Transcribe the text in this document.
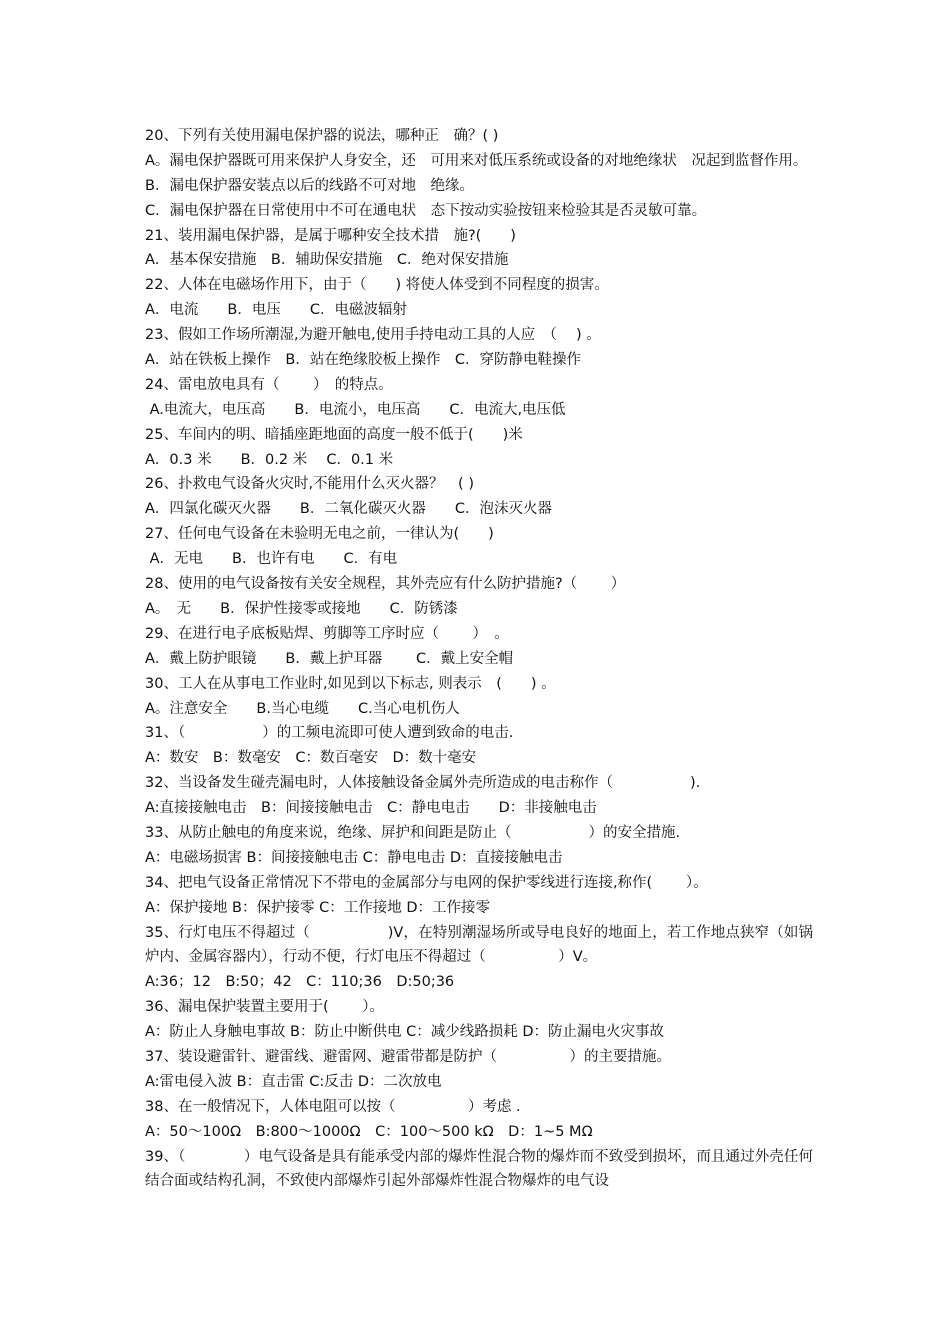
20、下列有关使用漏电保护器的说法，哪种正　确？( )
A。漏电保护器既可用来保护人身安全，还　可用来对低压系统或设备的对地绝缘状　况起到监督作用。
B．漏电保护器安装点以后的线路不可对地　绝缘。
C．漏电保护器在日常使用中不可在通电状　态下按动实验按钮来检验其是否灵敏可靠。
21、装用漏电保护器，是属于哪种安全技术措　施?(　　)
A．基本保安措施　B．辅助保安措施　C．绝对保安措施
22、人体在电磁场作用下，由于（　　) 将使人体受到不同程度的损害。
A．电流　　B．电压　　C．电磁波辐射
23、假如工作场所潮湿,为避开触电,使用手持电动工具的人应　（　 ) 。
A．站在铁板上操作　B．站在绝缘胶板上操作　C．穿防静电鞋操作
24、雷电放电具有（　　 ）　的特点。
A.电流大，电压高　　B．电流小，电压高　　C．电流大,电压低
25、车间内的明、暗插座距地面的高度一般不低于(　　)米
A．0.3 米　　B．0.2 米　 C．0.1 米
26、扑救电气设备火灾时,不能用什么灭火器？　( )
A．四氯化碳灭火器　　B．二氧化碳灭火器　　C．泡沫灭火器
27、任何电气设备在未验明无电之前，一律认为(　　)
A．无电　　B．也许有电　　C．有电
28、使用的电气设备按有关安全规程，其外壳应有什么防护措施?（　　 ）
A。　无　　B．保护性接零或接地　　C．防锈漆
29、在进行电子底板贴焊、剪脚等工序时应（　　 ）　。
A．戴上防护眼镜　　B．戴上护耳器　　 C．戴上安全帽
30、工人在从事电工作业时,如见到以下标志, 则表示　(　　) 。
A。注意安全　　B.当心电缆　　C.当心电机伤人
31、（　　　　　 ）的工频电流即可使人遭到致命的电击.
A：数安　B：数毫安　C：数百毫安　D：数十毫安
32、当设备发生碰壳漏电时，人体接触设备金属外壳所造成的电击称作（　　　　　 ).
A:直接接触电击　B：间接接触电击　C：静电电击　　D：非接触电击
33、从防止触电的角度来说，绝缘、屏护和间距是防止（　　　　　 ）的安全措施.
A：电磁场损害 B：间接接触电击 C：静电电击 D：直接接触电击
34、把电气设备正常情况下不带电的金属部分与电网的保护零线进行连接,称作(　　 ）。
A：保护接地 B：保护接零 C：工作接地 D：工作接零
35、行灯电压不得超过（　　　　　 )V，在特别潮湿场所或导电良好的地面上，若工作地点狭窄（如锅炉内、金属容器内），行动不便，行灯电压不得超过（　　　　　）V。
A:36；12　B:50；42　C：110;36　D:50;36
36、漏电保护装置主要用于(　　 ）。
A：防止人身触电事故 B：防止中断供电 C：减少线路损耗 D：防止漏电火灾事故
37、装设避雷针、避雷线、避雷网、避雷带都是防护（　　　　　）的主要措施。
A:雷电侵入波 B：直击雷 C:反击 D：二次放电
38、在一般情况下，人体电阻可以按（　　　　　）考虑 .
A：50～100Ω　B:800～1000Ω　C：100～500 kΩ　D：1~5 MΩ
39、（　　　　）电气设备是具有能承受内部的爆炸性混合物的爆炸而不致受到损坏，而且通过外壳任何结合面或结构孔洞，不致使内部爆炸引起外部爆炸性混合物爆炸的电气设
